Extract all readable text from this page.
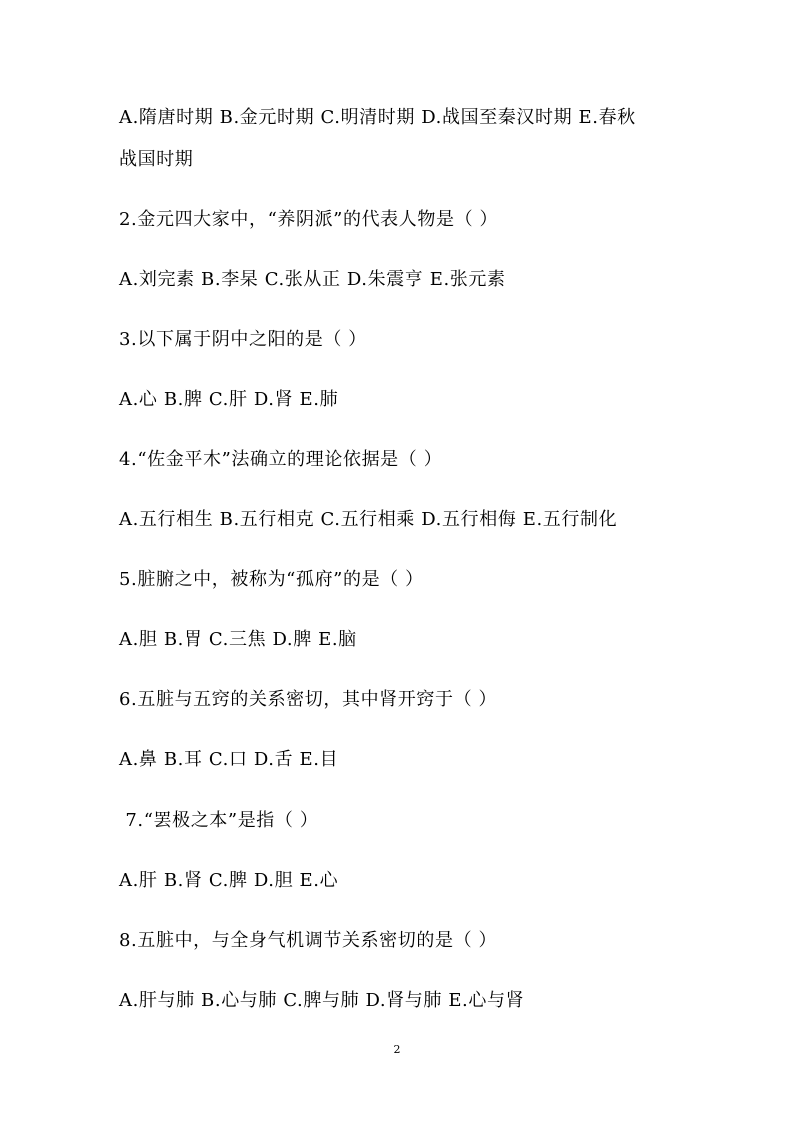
A.隋唐时期 B.金元时期 C.明清时期 D.战国至秦汉时期 E.春秋
战国时期
2.金元四大家中，“养阴派”的代表人物是（ ）
A.刘完素 B.李杲 C.张从正 D.朱震亨 E.张元素
3.以下属于阴中之阳的是（ ）
A.心 B.脾 C.肝 D.肾 E.肺
4.“佐金平木”法确立的理论依据是（ ）
A.五行相生 B.五行相克 C.五行相乘 D.五行相侮 E.五行制化
5.脏腑之中，被称为“孤府”的是（ ）
A.胆 B.胃 C.三焦 D.脾 E.脑
6.五脏与五窍的关系密切，其中肾开窍于（ ）
A.鼻 B.耳 C.口 D.舌 E.目
7.“罢极之本”是指（ ）
A.肝 B.肾 C.脾 D.胆 E.心
8.五脏中，与全身气机调节关系密切的是（ ）
A.肝与肺 B.心与肺 C.脾与肺 D.肾与肺 E.心与肾
2
